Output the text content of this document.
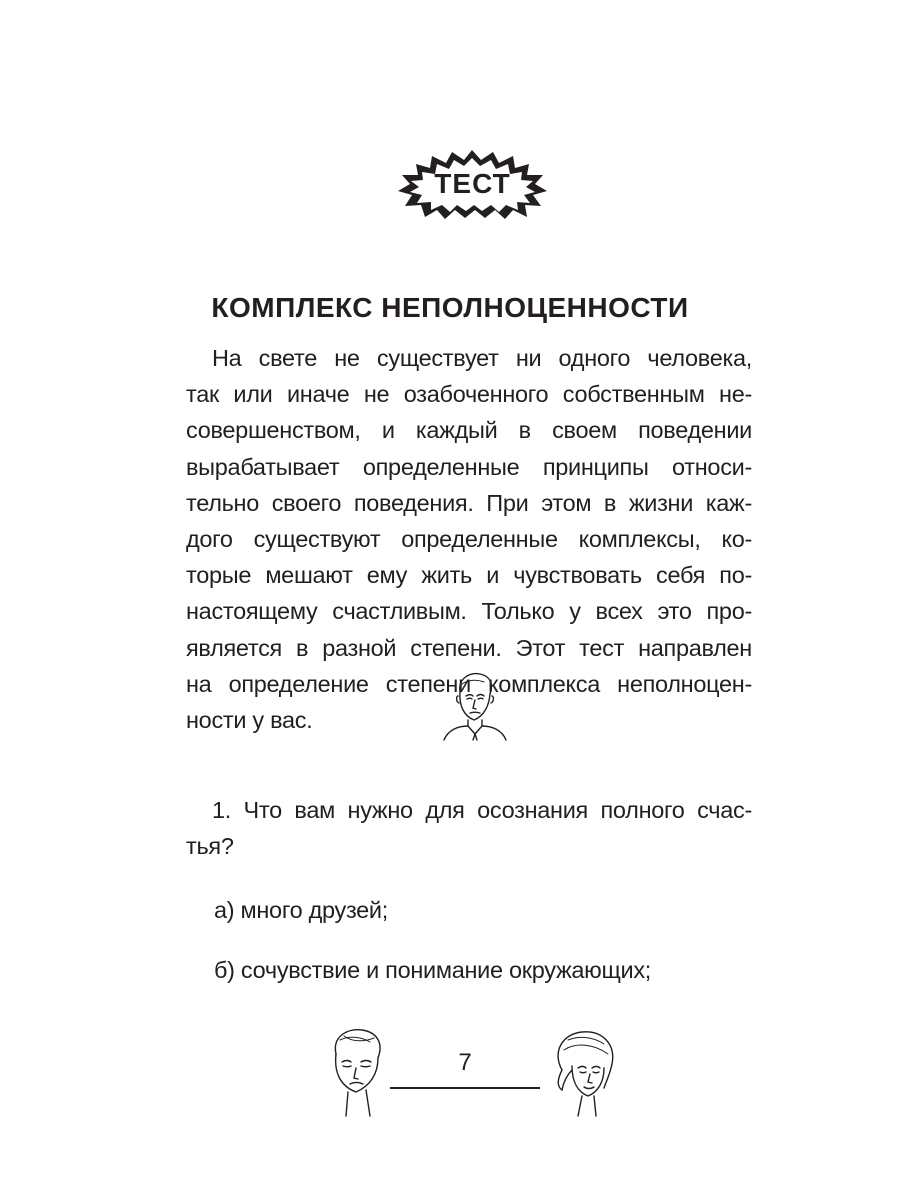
ТЕСТ
КОМПЛЕКС НЕПОЛНОЦЕННОСТИ
На свете не существует ни одного человека,
так или иначе не озабоченного собственным не-
совершенством, и каждый в своем поведении
вырабатывает определенные принципы относи-
тельно своего поведения. При этом в жизни каж-
дого существуют определенные комплексы, ко-
торые мешают ему жить и чувствовать себя по-
настоящему счастливым. Только у всех это про-
является в разной степени. Этот тест направлен
на определение степени комплекса неполноцен-
ности у вас.
1. Что вам нужно для осознания полного счас-
тья?
а) много друзей;
б) сочувствие и понимание окружающих;
7
